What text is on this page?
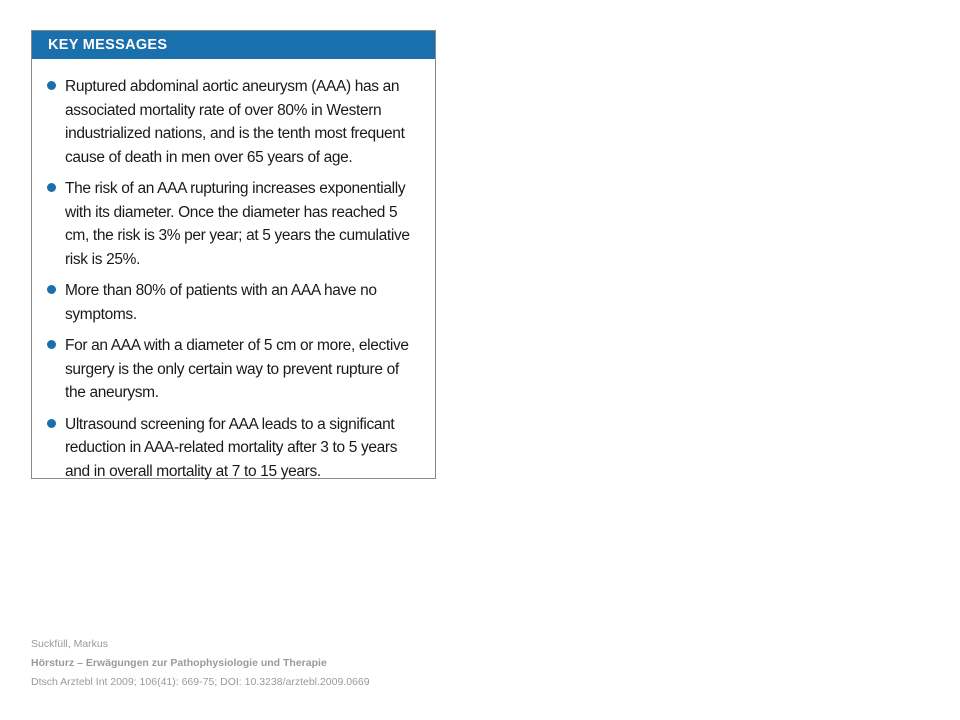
KEY MESSAGES
Ruptured abdominal aortic aneurysm (AAA) has an associated mortality rate of over 80% in Western industrialized nations, and is the tenth most frequent cause of death in men over 65 years of age.
The risk of an AAA rupturing increases exponentially with its diameter. Once the diameter has reached 5 cm, the risk is 3% per year; at 5 years the cumulative risk is 25%.
More than 80% of patients with an AAA have no symptoms.
For an AAA with a diameter of 5 cm or more, elective surgery is the only certain way to prevent rupture of the aneurysm.
Ultrasound screening for AAA leads to a significant reduction in AAA-related mortality after 3 to 5 years and in overall mortality at 7 to 15 years.
Suckfüll, Markus
Hörsturz – Erwägungen zur Pathophysiologie und Therapie
Dtsch Arztebl Int 2009; 106(41): 669-75; DOI: 10.3238/arztebl.2009.0669
